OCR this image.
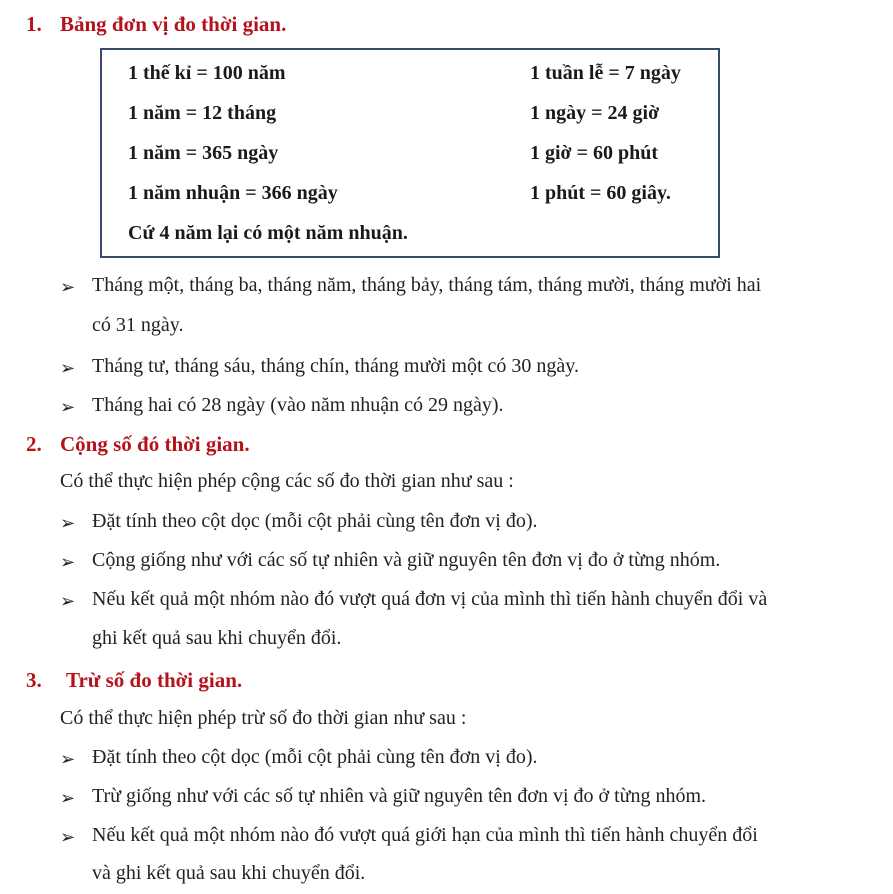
1. Bảng đơn vị đo thời gian.
1 thế kỉ = 100 năm
1 năm = 12 tháng
1 năm = 365 ngày
1 năm nhuận = 366 ngày
1 tuần lễ = 7 ngày
1 ngày = 24 giờ
1 giờ = 60 phút
1 phút = 60 giây.
Cứ 4 năm lại có một năm nhuận.
➢ Tháng một, tháng ba, tháng năm, tháng bảy, tháng tám, tháng mười, tháng mười hai
có 31 ngày.
➢ Tháng tư, tháng sáu, tháng chín, tháng mười một có 30 ngày.
➢ Tháng hai có 28 ngày (vào năm nhuận có 29 ngày).
2. Cộng số đó thời gian.
Có thể thực hiện phép cộng các số đo thời gian như sau :
➢ Đặt tính theo cột dọc (mỗi cột phải cùng tên đơn vị đo).
➢ Cộng giống như với các số tự nhiên và giữ nguyên tên đơn vị đo ở từng nhóm.
➢ Nếu kết quả một nhóm nào đó vượt quá đơn vị của mình thì tiến hành chuyển đổi và
ghi kết quả sau khi chuyển đổi.
3. Trừ số đo thời gian.
Có thể thực hiện phép trừ số đo thời gian như sau :
➢ Đặt tính theo cột dọc (mỗi cột phải cùng tên đơn vị đo).
➢ Trừ giống như với các số tự nhiên và giữ nguyên tên đơn vị đo ở từng nhóm.
➢ Nếu kết quả một nhóm nào đó vượt quá giới hạn của mình thì tiến hành chuyển đổi
và ghi kết quả sau khi chuyển đổi.
